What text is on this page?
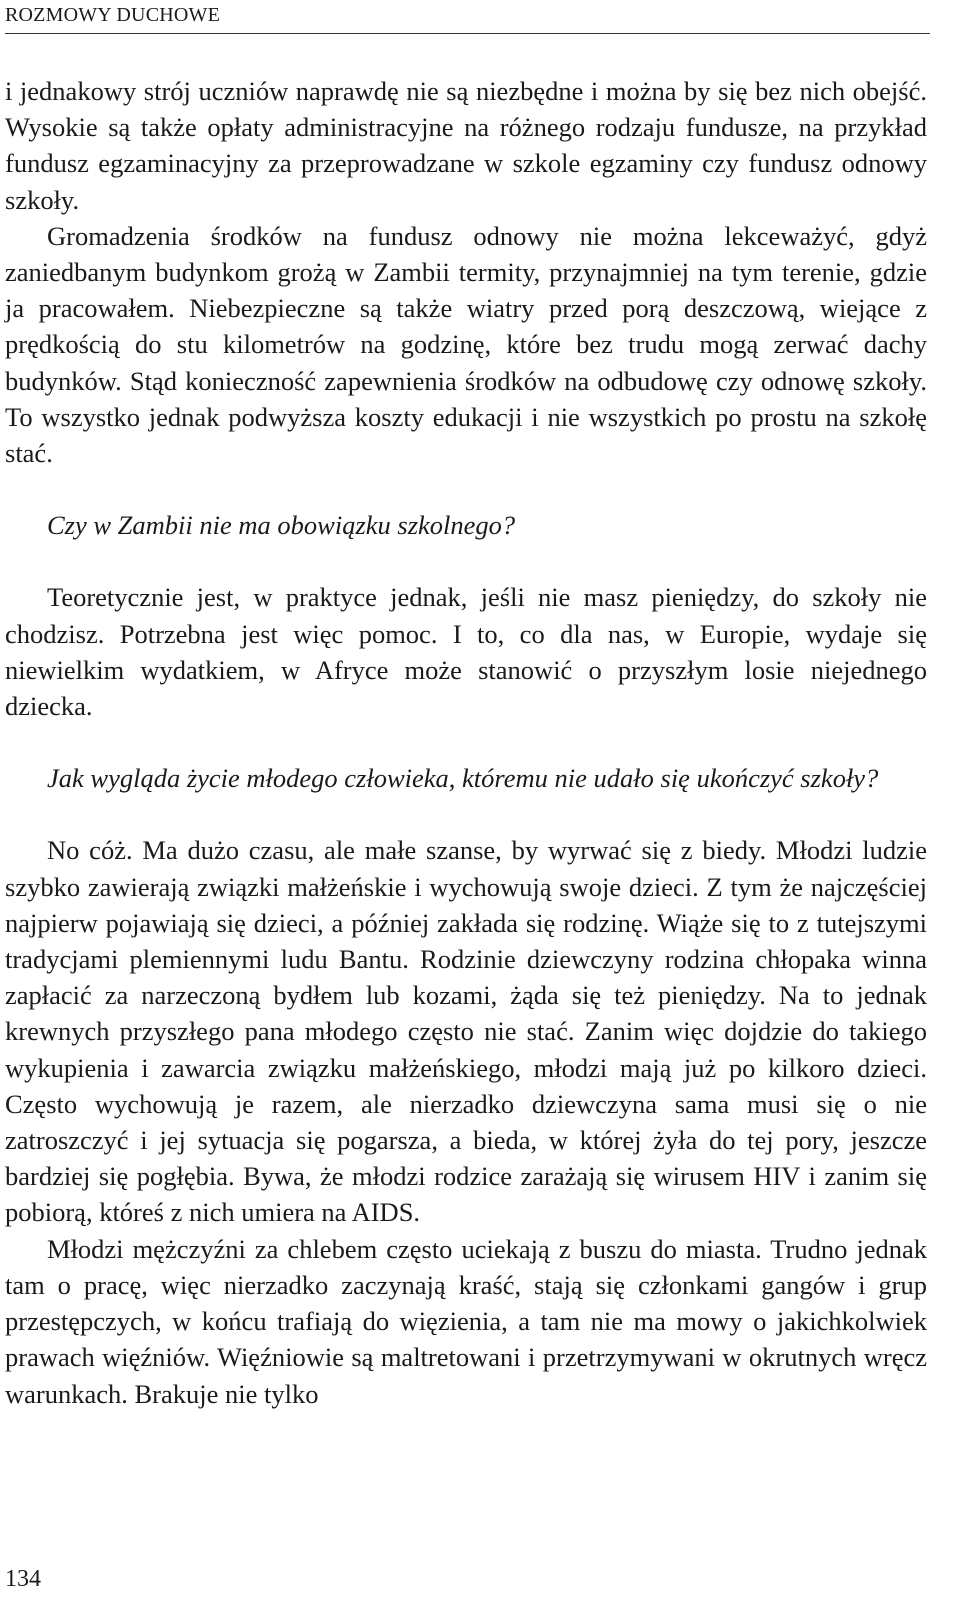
ROZMOWY DUCHOWE

i jednakowy strój uczniów naprawdę nie są niezbędne i można by się bez nich obejść. Wysokie są także opłaty administracyjne na różnego rodzaju fundusze, na przykład fundusz egzaminacyjny za przeprowadzane w szkole egzaminy czy fundusz odnowy szkoły.

Gromadzenia środków na fundusz odnowy nie można lekceważyć, gdyż zaniedbanym budynkom grożą w Zambii termity, przynajmniej na tym terenie, gdzie ja pracowałem. Niebezpieczne są także wiatry przed porą deszczową, wiejące z prędkością do stu kilometrów na godzinę, które bez trudu mogą zerwać dachy budynków. Stąd konieczność zapewnienia środków na odbudowę czy odnowę szkoły. To wszystko jednak podwyższa koszty edukacji i nie wszystkich po prostu na szkołę stać.

Czy w Zambii nie ma obowiązku szkolnego?

Teoretycznie jest, w praktyce jednak, jeśli nie masz pieniędzy, do szkoły nie chodzisz. Potrzebna jest więc pomoc. I to, co dla nas, w Europie, wydaje się niewielkim wydatkiem, w Afryce może stanowić o przyszłym losie niejednego dziecka.

Jak wygląda życie młodego człowieka, któremu nie udało się ukończyć szkoły?

No cóż. Ma dużo czasu, ale małe szanse, by wyrwać się z biedy. Młodzi ludzie szybko zawierają związki małżeńskie i wychowują swoje dzieci. Z tym że najczęściej najpierw pojawiają się dzieci, a później zakłada się rodzinę. Wiąże się to z tutejszymi tradycjami plemiennymi ludu Bantu. Rodzinie dziewczyny rodzina chłopaka winna zapłacić za narzeczoną bydłem lub kozami, żąda się też pieniędzy. Na to jednak krewnych przyszłego pana młodego często nie stać. Zanim więc dojdzie do takiego wykupienia i zawarcia związku małżeńskiego, młodzi mają już po kilkoro dzieci. Często wychowują je razem, ale nierzadko dziewczyna sama musi się o nie zatroszczyć i jej sytuacja się pogarsza, a bieda, w której żyła do tej pory, jeszcze bardziej się pogłębia. Bywa, że młodzi rodzice zarażają się wirusem HIV i zanim się pobiorą, któreś z nich umiera na AIDS.

Młodzi mężczyźni za chlebem często uciekają z buszu do miasta. Trudno jednak tam o pracę, więc nierzadko zaczynają kraść, stają się członkami gangów i grup przestępczych, w końcu trafiają do więzienia, a tam nie ma mowy o jakichkolwiek prawach więźniów. Więźniowie są maltretowani i przetrzymywani w okrutnych wręcz warunkach. Brakuje nie tylko

134
